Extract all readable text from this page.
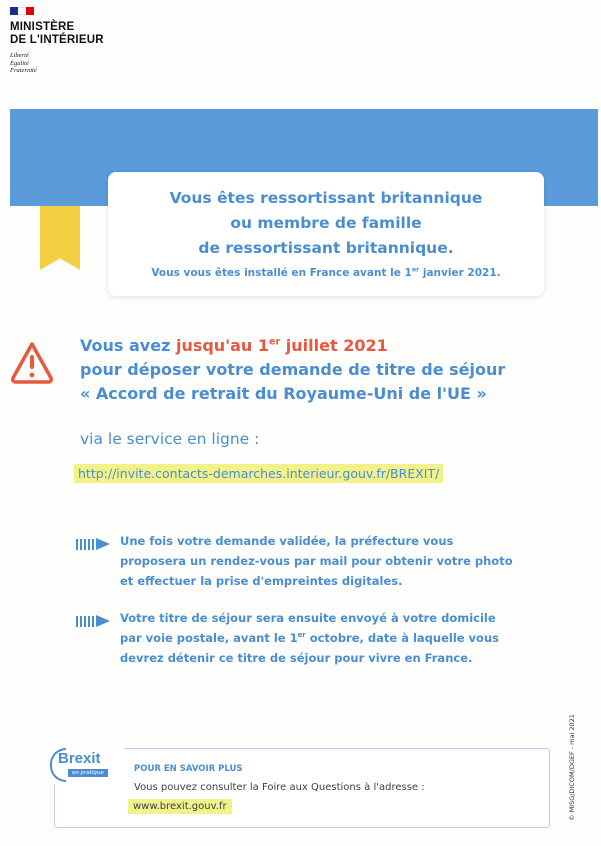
MINISTÈRE
DE L'INTÉRIEUR
Liberté
Égalité
Fraternité
Vous êtes ressortissant britannique
ou membre de famille
de ressortissant britannique.
Vous vous êtes installé en France avant le 1er janvier 2021.
Vous avez jusqu'au 1er juillet 2021
pour déposer votre demande de titre de séjour
« Accord de retrait du Royaume-Uni de l'UE »
via le service en ligne :
http://invite.contacts-demarches.interieur.gouv.fr/BREXIT/
Une fois votre demande validée, la préfecture vous
proposera un rendez-vous par mail pour obtenir votre photo
et effectuer la prise d'empreintes digitales.
Votre titre de séjour sera ensuite envoyé à votre domicile
par voie postale, avant le 1er octobre, date à laquelle vous
devrez détenir ce titre de séjour pour vivre en France.
© MISG/DICOM/DGEF - mai 2021
Brexit
en pratique	POUR EN SAVOIR PLUS
Vous pouvez consulter la Foire aux Questions à l'adresse :
www.brexit.gouv.fr
